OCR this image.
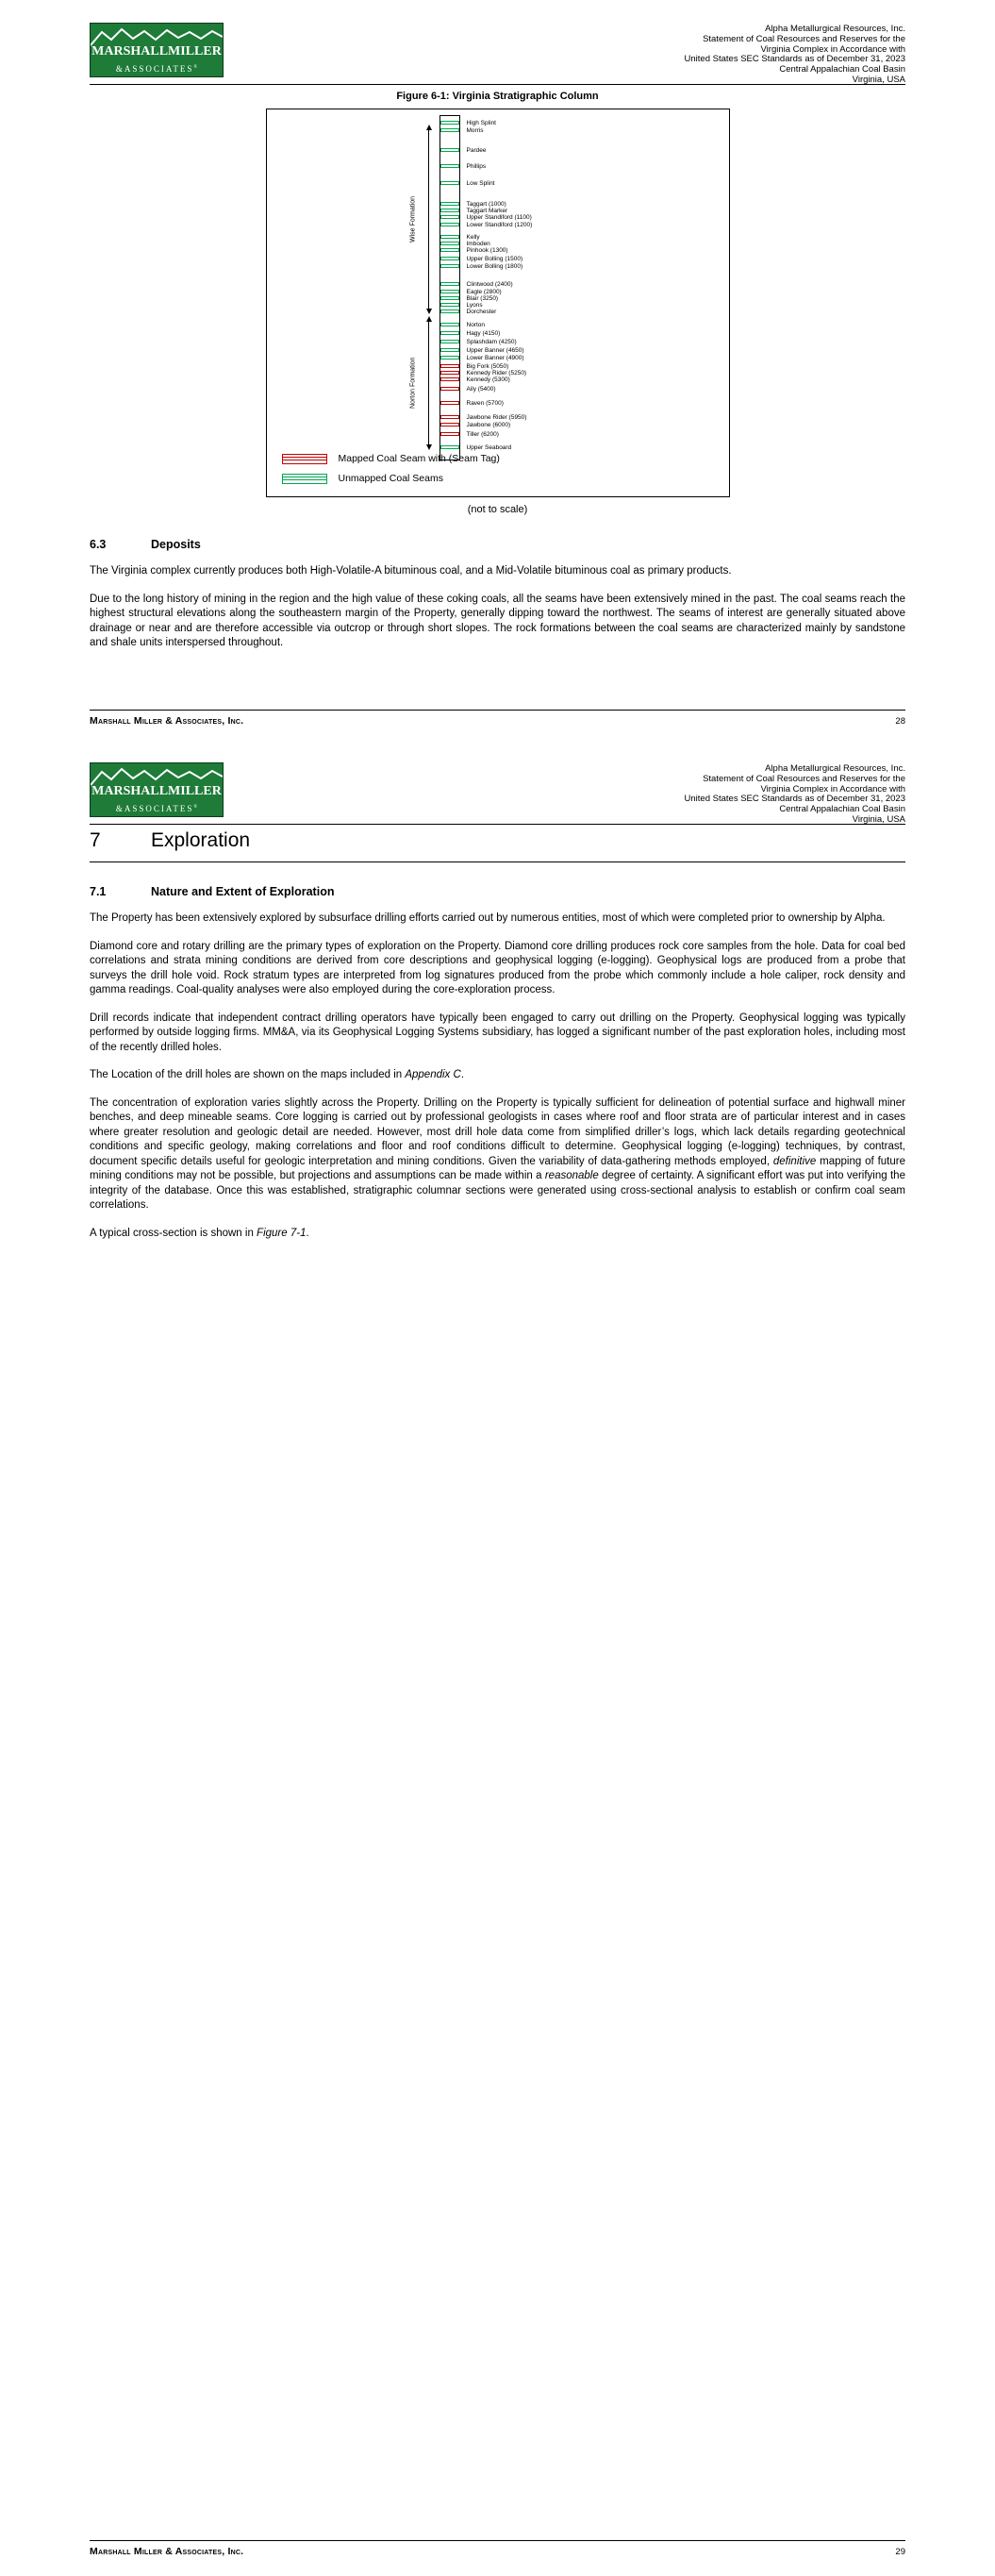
MARSHALLMILLER
&ASSOCIATES®
Alpha Metallurgical Resources, Inc.
Statement of Coal Resources and Reserves for the
Virginia Complex in Accordance with
United States SEC Standards as of December 31, 2023
Central Appalachian Coal Basin
Virginia, USA
Figure 6-1: Virginia Stratigraphic Column
Mapped Coal Seam with (Seam Tag)
Unmapped Coal Seams
High Splint
Morris
Pardee
Phillips
Low Splint
Taggart (1000)
Taggart Marker
Upper Standiford (1100)
Lower Standiford (1200)
Kelly
Imboden
Pinhook (1300)
Upper Bolling (1500)
Lower Bolling (1800)
Clintwood (2400)
Eagle (2800)
Blair (3250)
Lyons
Dorchester
Norton
Hagy (4150)
Splashdam (4250)
Upper Banner (4650)
Lower Banner (4900)
Big Fork (5050)
Kennedy Rider (5250)
Kennedy (5300)
Aily (5400)
Raven (5700)
Jawbone Rider (5950)
Jawbone (6000)
Tiller (6200)
Upper Seaboard
Wise Formation
Norton Formation
(not to scale)
6.3	Deposits

The Virginia complex currently produces both High-Volatile-A bituminous coal, and a Mid-Volatile bituminous coal as primary products.

Due to the long history of mining in the region and the high value of these coking coals, all the seams have been extensively mined in the past. The coal seams reach the highest structural elevations along the southeastern margin of the Property, generally dipping toward the northwest. The seams of interest are generally situated above drainage or near and are therefore accessible via outcrop or through short slopes. The rock formations between the coal seams are characterized mainly by sandstone and shale units interspersed throughout.

Marshall Miller & Associates, Inc.	28
MARSHALLMILLER
&ASSOCIATES®
Alpha Metallurgical Resources, Inc.
Statement of Coal Resources and Reserves for the
Virginia Complex in Accordance with
United States SEC Standards as of December 31, 2023
Central Appalachian Coal Basin
Virginia, USA
7	Exploration
7.1	Nature and Extent of Exploration

The Property has been extensively explored by subsurface drilling efforts carried out by numerous entities, most of which were completed prior to ownership by Alpha.

Diamond core and rotary drilling are the primary types of exploration on the Property. Diamond core drilling produces rock core samples from the hole. Data for coal bed correlations and strata mining conditions are derived from core descriptions and geophysical logging (e-logging). Geophysical logs are produced from a probe that surveys the drill hole void. Rock stratum types are interpreted from log signatures produced from the probe which commonly include a hole caliper, rock density and gamma readings. Coal-quality analyses were also employed during the core-exploration process.

Drill records indicate that independent contract drilling operators have typically been engaged to carry out drilling on the Property. Geophysical logging was typically performed by outside logging firms. MM&A, via its Geophysical Logging Systems subsidiary, has logged a significant number of the past exploration holes, including most of the recently drilled holes.

The Location of the drill holes are shown on the maps included in Appendix C.

The concentration of exploration varies slightly across the Property. Drilling on the Property is typically sufficient for delineation of potential surface and highwall miner benches, and deep mineable seams. Core logging is carried out by professional geologists in cases where roof and floor strata are of particular interest and in cases where greater resolution and geologic detail are needed. However, most drill hole data come from simplified driller’s logs, which lack details regarding geotechnical conditions and specific geology, making correlations and floor and roof conditions difficult to determine. Geophysical logging (e-logging) techniques, by contrast, document specific details useful for geologic interpretation and mining conditions. Given the variability of data-gathering methods employed, definitive mapping of future mining conditions may not be possible, but projections and assumptions can be made within a reasonable degree of certainty. A significant effort was put into verifying the integrity of the database. Once this was established, stratigraphic columnar sections were generated using cross-sectional analysis to establish or confirm coal seam correlations.

A typical cross-section is shown in Figure 7-1.

Marshall Miller & Associates, Inc.	29
